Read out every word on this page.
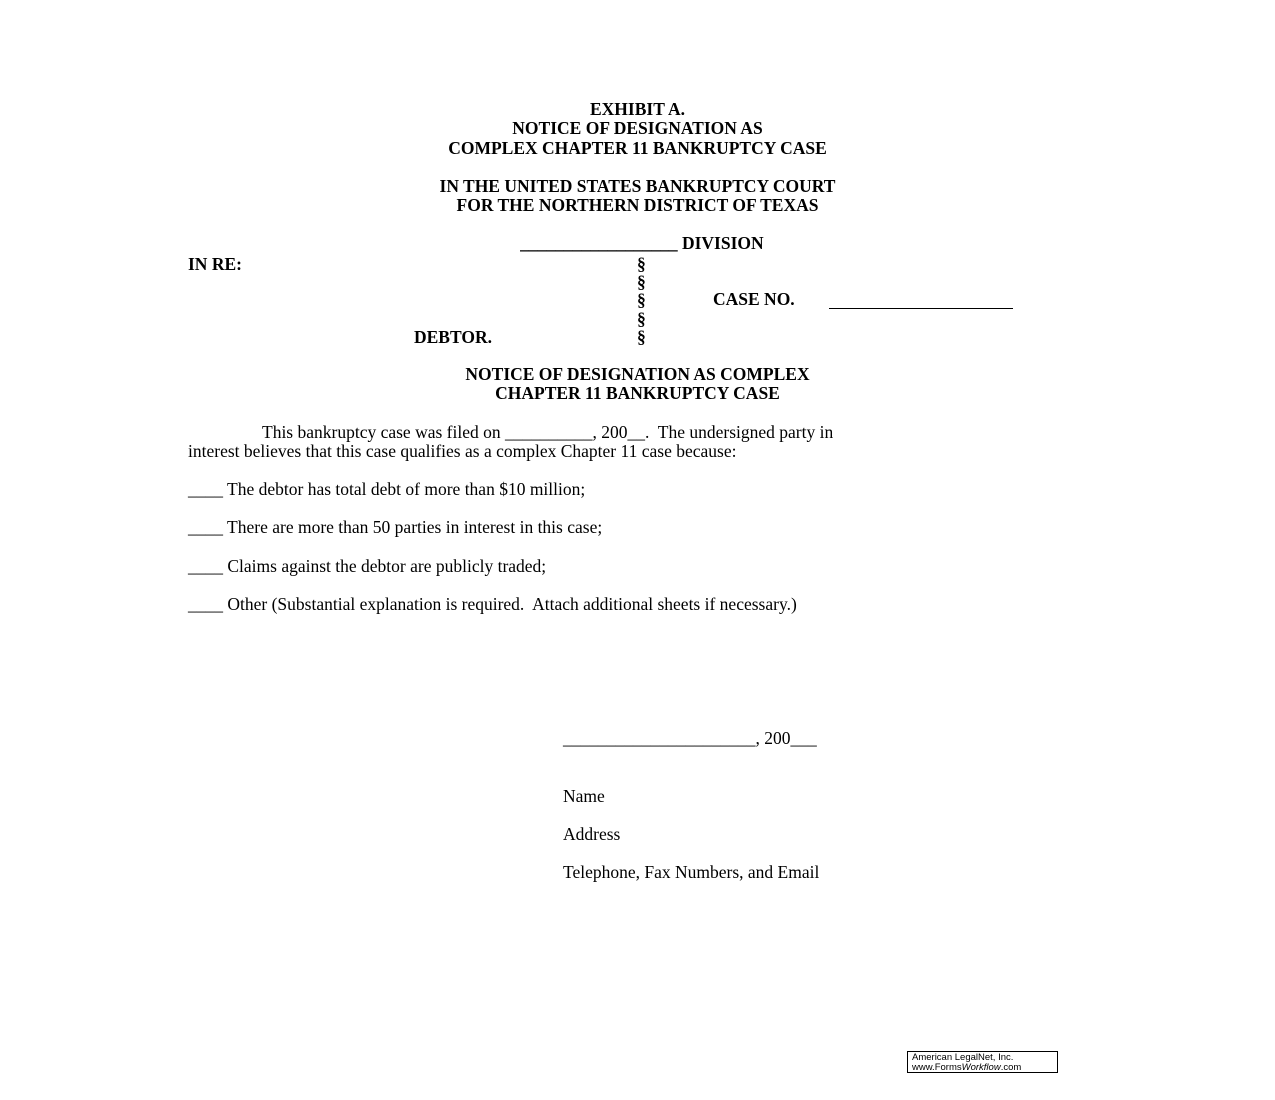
EXHIBIT A.
NOTICE OF DESIGNATION AS
COMPLEX CHAPTER 11 BANKRUPTCY CASE
IN THE UNITED STATES BANKRUPTCY COURT
FOR THE NORTHERN DISTRICT OF TEXAS

__________________ DIVISION

IN RE:
DEBTOR.
§
§
§
§
§
CASE NO.
NOTICE OF DESIGNATION AS COMPLEX
CHAPTER 11 BANKRUPTCY CASE
This bankruptcy case was filed on __________, 200__.  The undersigned party in
interest believes that this case qualifies as a complex Chapter 11 case because:
____ The debtor has total debt of more than $10 million;
____ There are more than 50 parties in interest in this case;
____ Claims against the debtor are publicly traded;
____ Other (Substantial explanation is required.  Attach additional sheets if necessary.)
______________________, 200___
Name
Address
Telephone, Fax Numbers, and Email
American LegalNet, Inc.
www.FormsWorkflow.com
